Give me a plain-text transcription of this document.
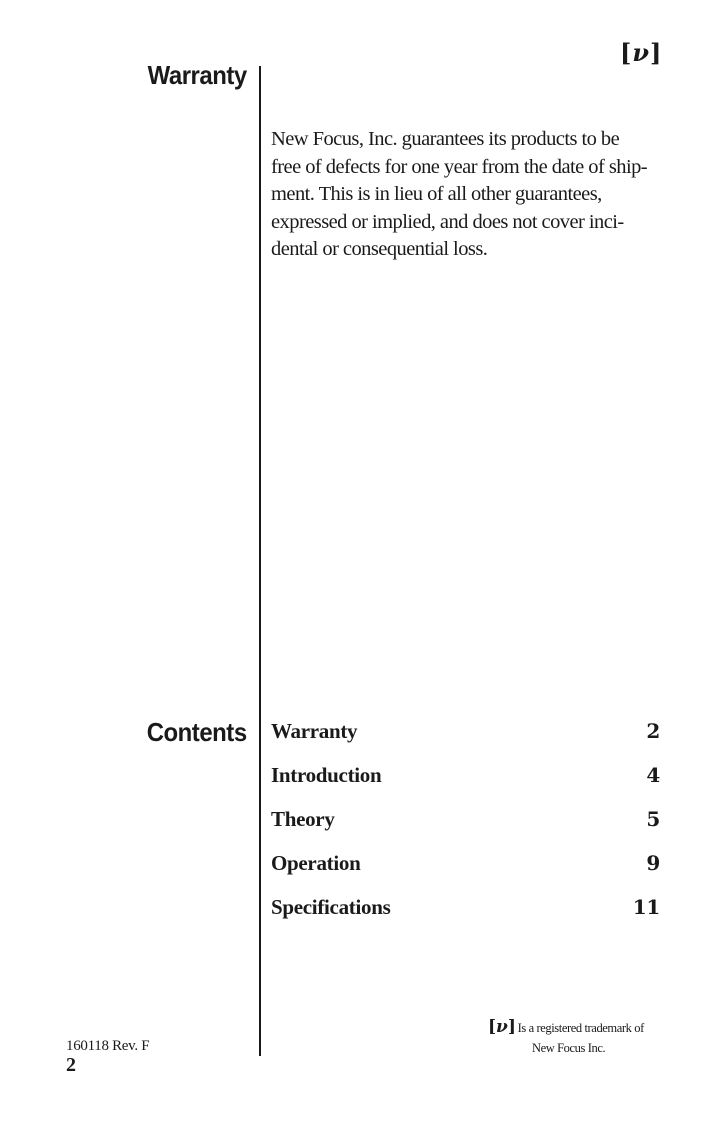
[ν]
Warranty
New Focus, Inc. guarantees its products to be
free of defects for one year from the date of ship-
ment. This is in lieu of all other guarantees,
expressed or implied, and does not cover inci-
dental or consequential loss.
Contents Warranty	2
Introduction	4
Theory	5
Operation	9
Specifications	11
[ν] Is a registered trademark of
New Focus Inc.
160118 Rev. F
2
